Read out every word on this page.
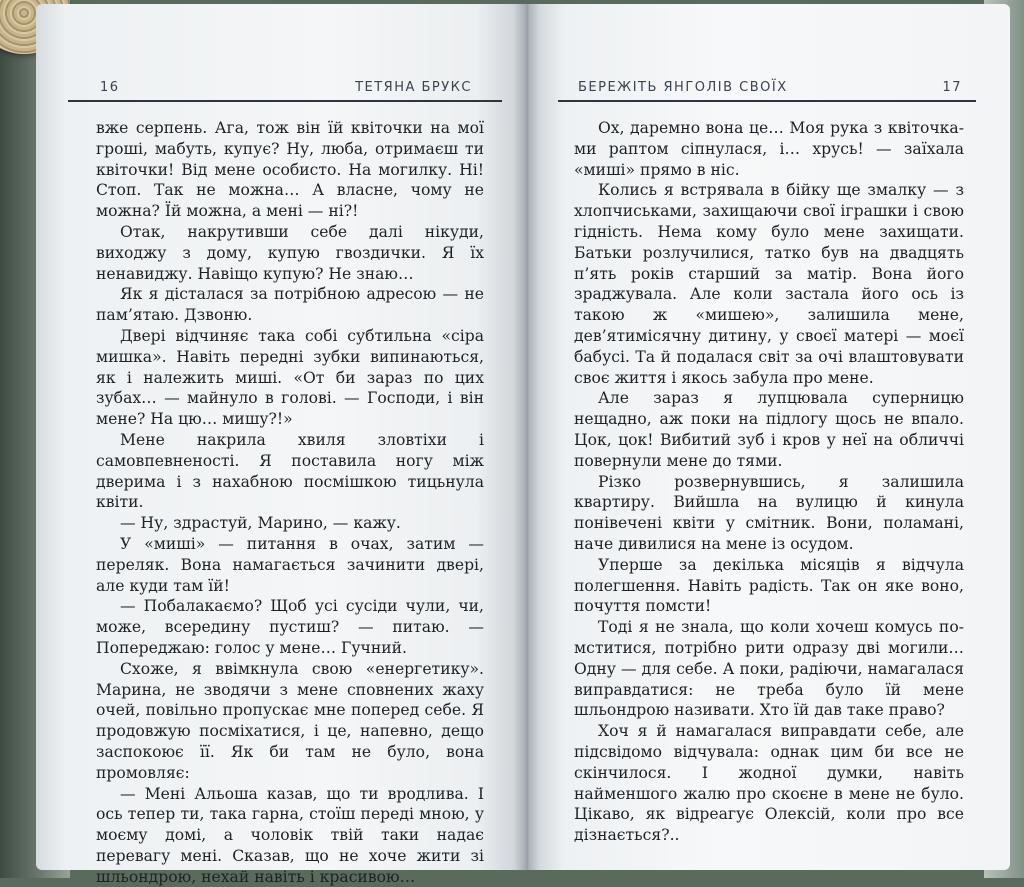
16	ТЕТЯНА БРУКС

вже серпень. Ага, тож він їй квіточки на мої гроші, мабуть, купує? Ну, люба, отримаєш ти квіточки! Від мене особисто. На могилку. Ні! Стоп. Так не можна… А власне, чому не можна? Їй можна, а мені — ні?!

Отак, накрутивши себе далі нікуди, виходжу з дому, купую гвоздички. Я їх ненавиджу. Навіщо купую? Не знаю…

Як я дісталася за потрібною адресою — не пам’ятаю. Дзвоню.

Двері відчиняє така собі субтильна «сіра мишка». Навіть передні зубки випинаються, як і належить миші. «От би зараз по цих зубах… — майнуло в голові. — Господи, і він мене? На цю… мишу?!»

Мене накрила хвиля зловтіхи і самовпевненості. Я поставила ногу між дверима і з нахабною посмішкою тицьнула квіти.

— Ну, здрастуй, Марино, — кажу.

У «миші» — питання в очах, затим — переляк. Вона намагається зачинити двері, але куди там їй!

— Побалакаємо? Щоб усі сусіди чули, чи, може, всередину пустиш? — питаю. — Попереджаю: голос у мене… Гучний.

Схоже, я ввімкнула свою «енергетику». Марина, не зводячи з мене сповнених жаху очей, повільно пропускає мне поперед себе. Я продовжую посміхатися, і це, напевно, дещо заспокоює її. Як би там не було, вона промовляє:

— Мені Альоша казав, що ти вродлива. І ось тепер ти, така гарна, стоїш переді мною, у моєму домі, а чоловік твій таки надає перевагу мені. Сказав, що не хоче жити зі шльондрою, нехай навіть і красивою…

БЕРЕЖІТЬ ЯНГОЛІВ СВОЇХ	17

Ох, даремно вона це… Моя рука з квіточками раптом сіпнулася, і… хрусь! — заїхала «миші» прямо в ніс.

Колись я встрявала в бійку ще змалку — з хлопчиськами, захищаючи свої іграшки і свою гідність. Нема кому було мене захищати. Батьки розлучилися, татко був на двадцять п’ять років старший за матір. Вона його зраджувала. Але коли застала його ось із такою ж «мишею», залишила мене, дев’ятимісячну дитину, у своєї матері — моєї бабусі. Та й подалася світ за очі влаштовувати своє життя і якось забула про мене.

Але зараз я лупцювала суперницю нещадно, аж поки на підлогу щось не впало. Цок, цок! Вибитий зуб і кров у неї на обличчі повернули мене до тями.

Різко розвернувшись, я залишила квартиру. Вийшла на вулицю й кинула понівечені квіти у смітник. Вони, поламані, наче дивилися на мене із осудом.

Уперше за декілька місяців я відчула полегшення. Навіть радість. Так он яке воно, почуття помсти!

Тоді я не знала, що коли хочеш комусь помститися, потрібно рити одразу дві могили… Одну — для себе. А поки, радіючи, намагалася виправдатися: не треба було їй мене шльондрою називати. Хто їй дав таке право?

Хоч я й намагалася виправдати себе, але підсвідомо відчувала: однак цим би все не скінчилося. І жодної думки, навіть найменшого жалю про скоєне в мене не було. Цікаво, як відреагує Олексій, коли про все дізнається?..
